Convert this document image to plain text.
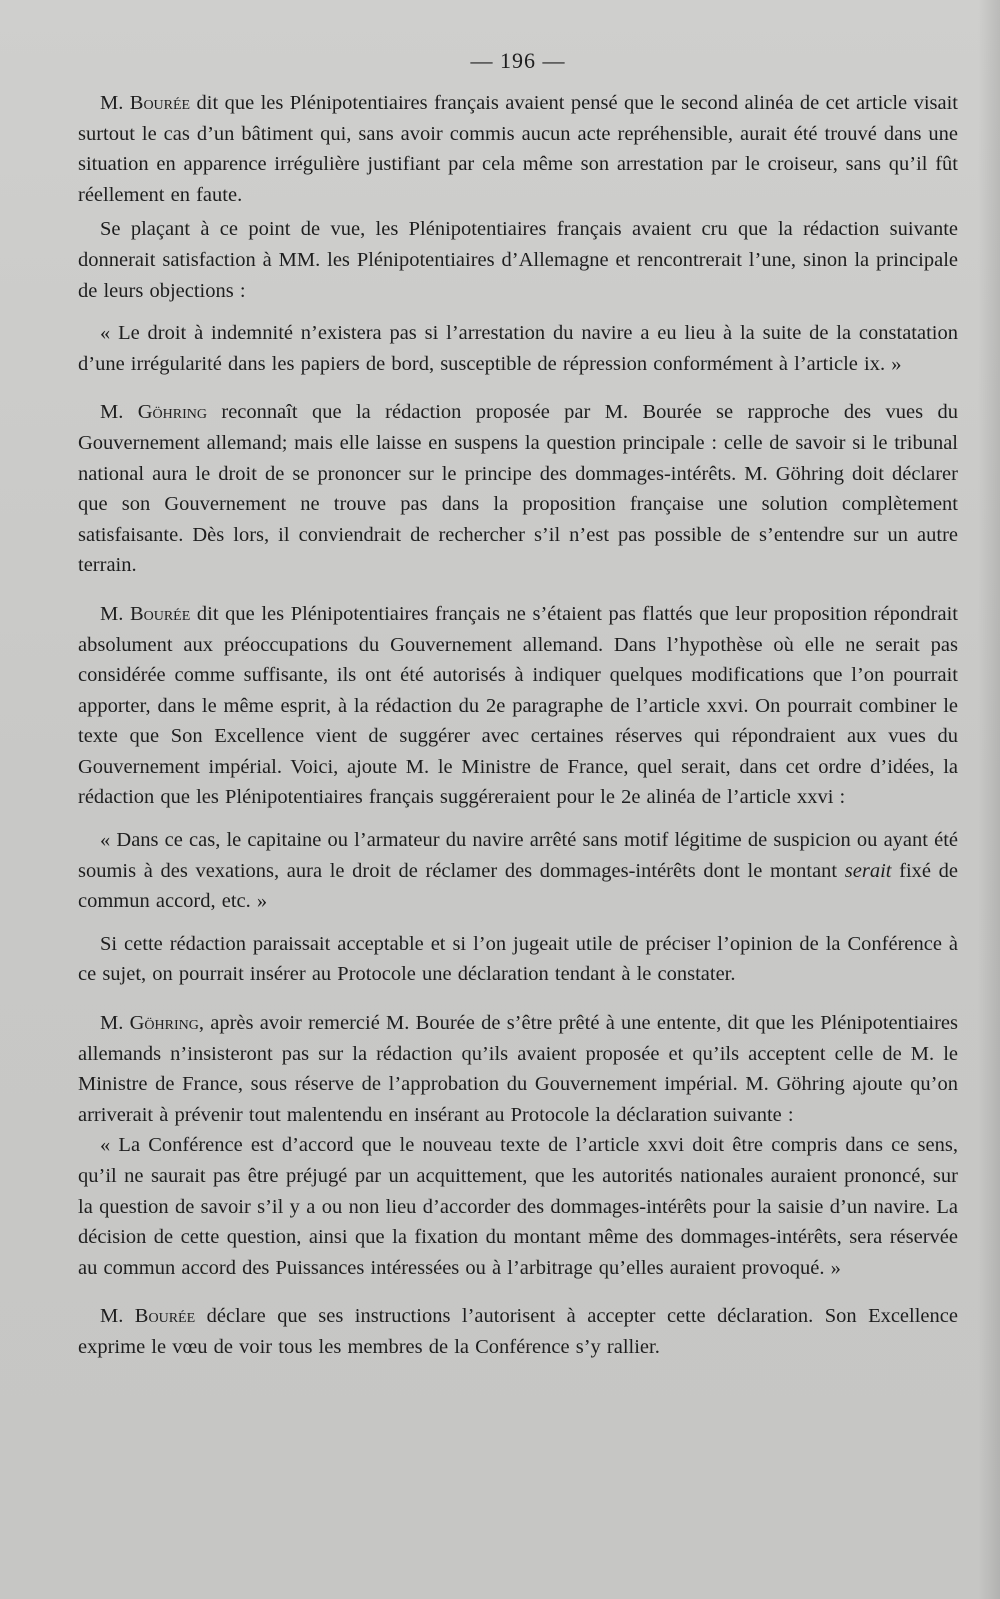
— 196 —

M. Bourée dit que les Plénipotentiaires français avaient pensé que le second alinéa de cet article visait surtout le cas d’un bâtiment qui, sans avoir commis aucun acte repréhensible, aurait été trouvé dans une situation en apparence irrégulière justifiant par cela même son arrestation par le croiseur, sans qu’il fût réellement en faute.

Se plaçant à ce point de vue, les Plénipotentiaires français avaient cru que la rédaction suivante donnerait satisfaction à MM. les Plénipotentiaires d’Allemagne et rencontrerait l’une, sinon la principale de leurs objections :

« Le droit à indemnité n’existera pas si l’arrestation du navire a eu lieu à la suite de la constatation d’une irrégularité dans les papiers de bord, susceptible de répression conformément à l’article ix. »

M. Göhring reconnaît que la rédaction proposée par M. Bourée se rapproche des vues du Gouvernement allemand; mais elle laisse en suspens la question principale : celle de savoir si le tribunal national aura le droit de se prononcer sur le principe des dommages-intérêts. M. Göhring doit déclarer que son Gouvernement ne trouve pas dans la proposition française une solution complètement satisfaisante. Dès lors, il conviendrait de rechercher s’il n’est pas possible de s’entendre sur un autre terrain.

M. Bourée dit que les Plénipotentiaires français ne s’étaient pas flattés que leur proposition répondrait absolument aux préoccupations du Gouvernement allemand. Dans l’hypothèse où elle ne serait pas considérée comme suffisante, ils ont été autorisés à indiquer quelques modifications que l’on pourrait apporter, dans le même esprit, à la rédaction du 2e paragraphe de l’article xxvi. On pourrait combiner le texte que Son Excellence vient de suggérer avec certaines réserves qui répondraient aux vues du Gouvernement impérial. Voici, ajoute M. le Ministre de France, quel serait, dans cet ordre d’idées, la rédaction que les Plénipotentiaires français suggéreraient pour le 2e alinéa de l’article xxvi :

« Dans ce cas, le capitaine ou l’armateur du navire arrêté sans motif légitime de suspicion ou ayant été soumis à des vexations, aura le droit de réclamer des dommages-intérêts dont le montant serait fixé de commun accord, etc. »

Si cette rédaction paraissait acceptable et si l’on jugeait utile de préciser l’opinion de la Conférence à ce sujet, on pourrait insérer au Protocole une déclaration tendant à le constater.

M. Göhring, après avoir remercié M. Bourée de s’être prêté à une entente, dit que les Plénipotentiaires allemands n’insisteront pas sur la rédaction qu’ils avaient proposée et qu’ils acceptent celle de M. le Ministre de France, sous réserve de l’approbation du Gouvernement impérial. M. Göhring ajoute qu’on arriverait à prévenir tout malentendu en insérant au Protocole la déclaration suivante :

« La Conférence est d’accord que le nouveau texte de l’article xxvi doit être compris dans ce sens, qu’il ne saurait pas être préjugé par un acquittement, que les autorités nationales auraient prononcé, sur la question de savoir s’il y a ou non lieu d’accorder des dommages-intérêts pour la saisie d’un navire. La décision de cette question, ainsi que la fixation du montant même des dommages-intérêts, sera réservée au commun accord des Puissances intéressées ou à l’arbitrage qu’elles auraient provoqué. »

M. Bourée déclare que ses instructions l’autorisent à accepter cette déclaration. Son Excellence exprime le vœu de voir tous les membres de la Conférence s’y rallier.
